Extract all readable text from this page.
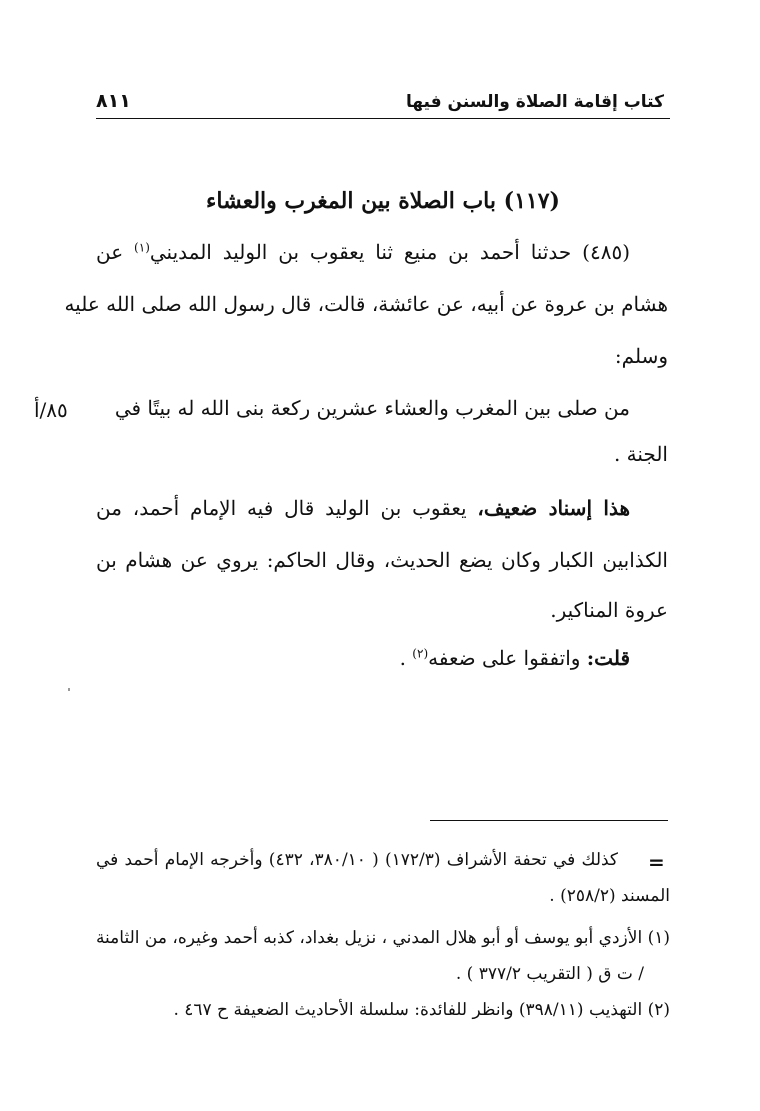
كتاب إقامة الصلاة والسنن فيها
٨١١
(١١٧) باب الصلاة بين المغرب والعشاء
(٤٨٥) حدثنا أحمد بن منيع ثنا يعقوب بن الوليد المديني$^{(١)}$ عن
هشام بن عروة عن أبيه، عن عائشة، قالت، قال رسول الله صلى الله عليه
وسلم:
من صلى بين المغرب والعشاء عشرين ركعة بنى الله له بيتًا في
الجنة .
٨٥/أ
هذا إسناد ضعيف، يعقوب بن الوليد قال فيه الإمام أحمد، من
الكذابين الكبار وكان يضع الحديث، وقال الحاكم: يروي عن هشام بن
عروة المناكير.
قلت: واتفقوا على ضعفه$^{(٢)}$ .
=
كذلك في تحفة الأشراف (١٧٢/٣) ( ٣٨٠/١٠، ٤٣٢) وأخرجه الإمام أحمد في
المسند (٢٥٨/٢) .
(١) الأزدي أبو يوسف أو أبو هلال المدني ، نزيل بغداد، كذبه أحمد وغيره، من الثامنة
/ ت ق ( التقريب ٣٧٧/٢ ) .
(٢) التهذيب (٣٩٨/١١) وانظر للفائدة: سلسلة الأحاديث الضعيفة ح ٤٦٧ .
